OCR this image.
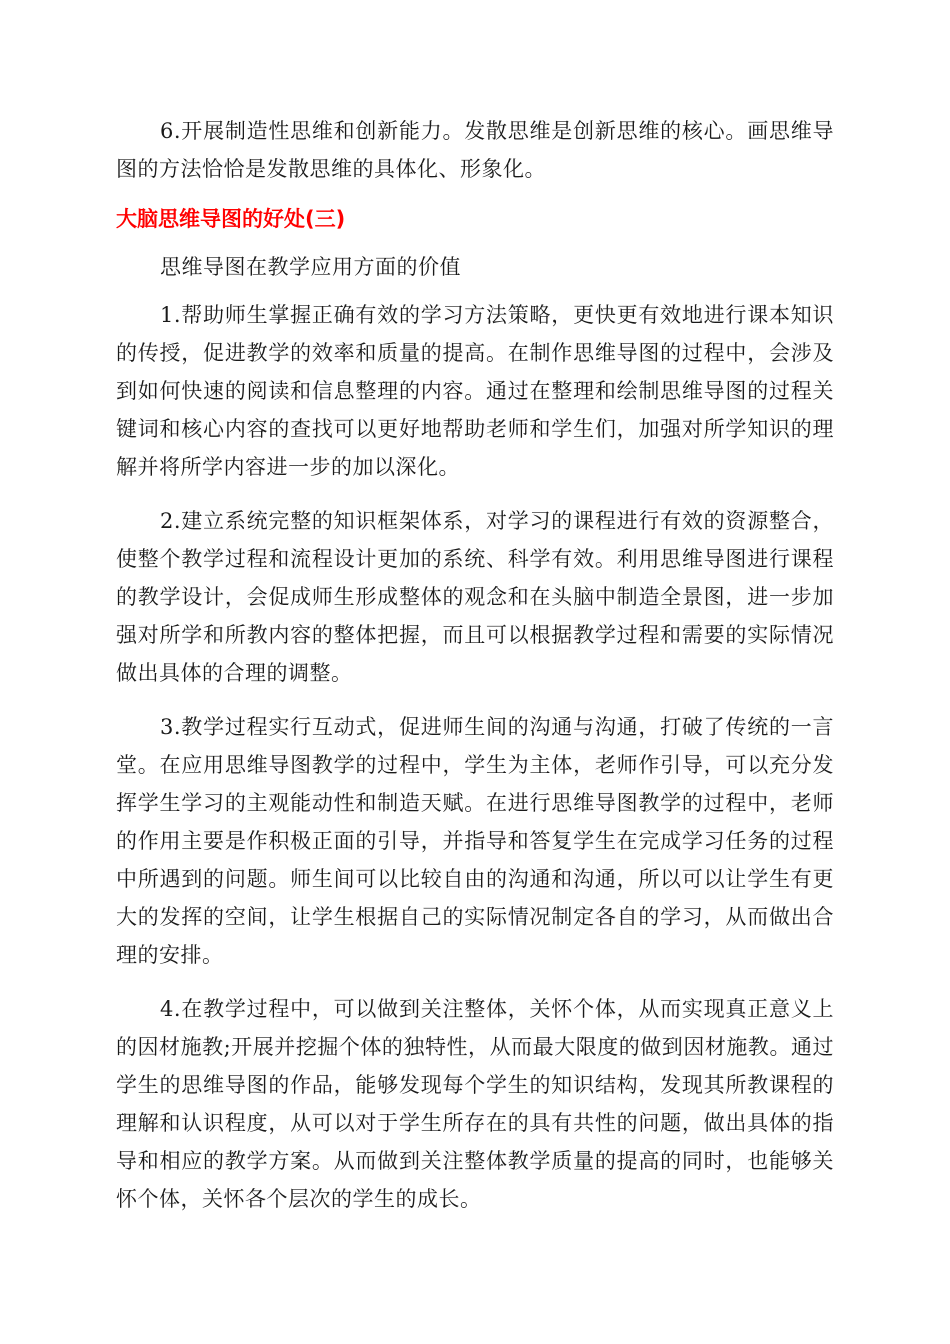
6.开展制造性思维和创新能力。发散思维是创新思维的核心。画思维导图的方法恰恰是发散思维的具体化、形象化。

大脑思维导图的好处(三)

思维导图在教学应用方面的价值

1.帮助师生掌握正确有效的学习方法策略，更快更有效地进行课本知识的传授，促进教学的效率和质量的提高。在制作思维导图的过程中，会涉及到如何快速的阅读和信息整理的内容。通过在整理和绘制思维导图的过程关键词和核心内容的查找可以更好地帮助老师和学生们，加强对所学知识的理解并将所学内容进一步的加以深化。

2.建立系统完整的知识框架体系，对学习的课程进行有效的资源整合，使整个教学过程和流程设计更加的系统、科学有效。利用思维导图进行课程的教学设计，会促成师生形成整体的观念和在头脑中制造全景图，进一步加强对所学和所教内容的整体把握，而且可以根据教学过程和需要的实际情况做出具体的合理的调整。

3.教学过程实行互动式，促进师生间的沟通与沟通，打破了传统的一言堂。在应用思维导图教学的过程中，学生为主体，老师作引导，可以充分发挥学生学习的主观能动性和制造天赋。在进行思维导图教学的过程中，老师的作用主要是作积极正面的引导，并指导和答复学生在完成学习任务的过程中所遇到的问题。师生间可以比较自由的沟通和沟通，所以可以让学生有更大的发挥的空间，让学生根据自己的实际情况制定各自的学习，从而做出合理的安排。

4.在教学过程中，可以做到关注整体，关怀个体，从而实现真正意义上的因材施教;开展并挖掘个体的独特性，从而最大限度的做到因材施教。通过学生的思维导图的作品，能够发现每个学生的知识结构，发现其所教课程的理解和认识程度，从可以对于学生所存在的具有共性的问题，做出具体的指导和相应的教学方案。从而做到关注整体教学质量的提高的同时，也能够关怀个体，关怀各个层次的学生的成长。
